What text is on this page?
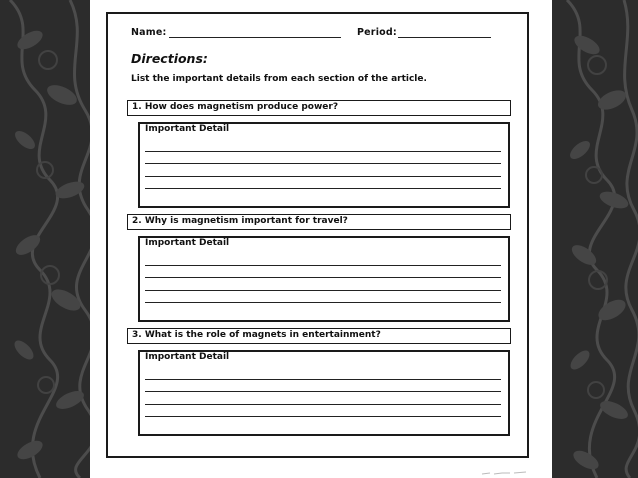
Name:	Period:
Directions:
List the important details from each section of the article.
1. How does magnetism produce power?
Important Detail
2. Why is magnetism important for travel?
Important Detail
3. What is the role of magnets in entertainment?
Important Detail
